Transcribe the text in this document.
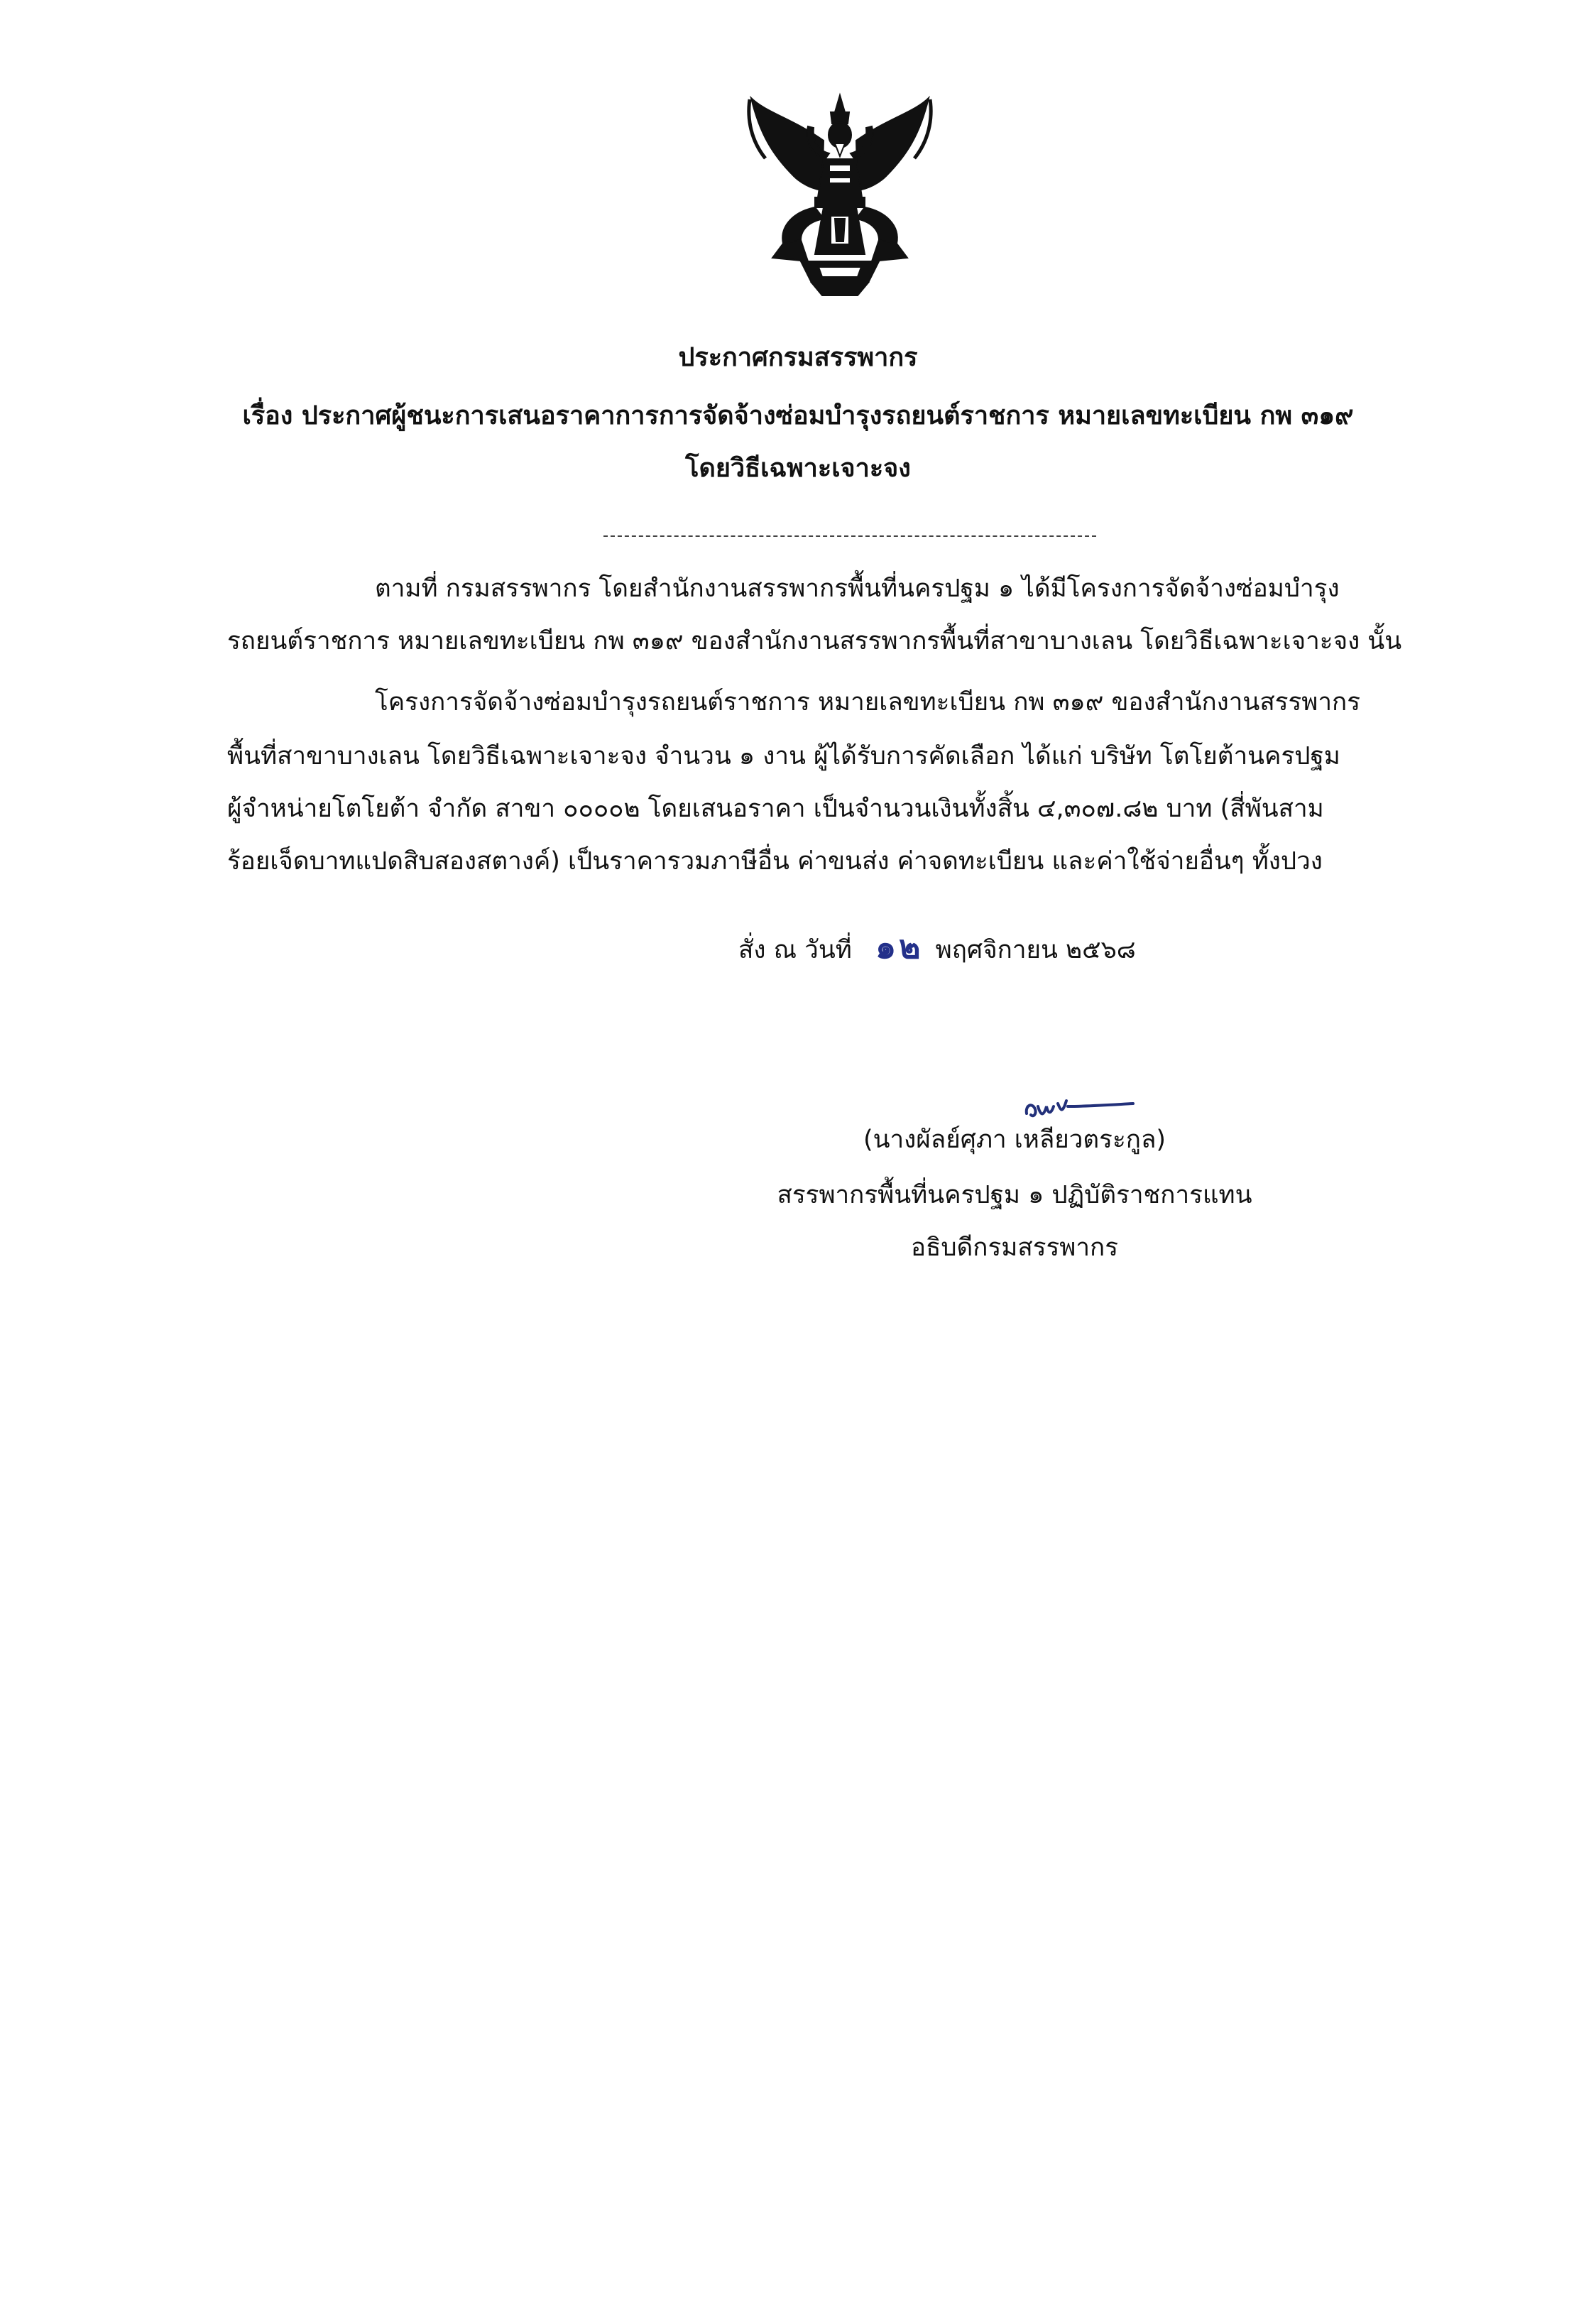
ประกาศกรมสรรพากร
เรื่อง ประกาศผู้ชนะการเสนอราคาการการจัดจ้างซ่อมบำรุงรถยนต์ราชการ หมายเลขทะเบียน กพ ๓๑๙
โดยวิธีเฉพาะเจาะจง
ตามที่ กรมสรรพากร โดยสำนักงานสรรพากรพื้นที่นครปฐม ๑ ได้มีโครงการจัดจ้างซ่อมบำรุง
รถยนต์ราชการ หมายเลขทะเบียน กพ ๓๑๙ ของสำนักงานสรรพากรพื้นที่สาขาบางเลน โดยวิธีเฉพาะเจาะจง นั้น
โครงการจัดจ้างซ่อมบำรุงรถยนต์ราชการ หมายเลขทะเบียน กพ ๓๑๙ ของสำนักงานสรรพากร
พื้นที่สาขาบางเลน โดยวิธีเฉพาะเจาะจง จำนวน ๑ งาน ผู้ได้รับการคัดเลือก ได้แก่ บริษัท โตโยต้านครปฐม
ผู้จำหน่ายโตโยต้า จำกัด สาขา ๐๐๐๐๒ โดยเสนอราคา เป็นจำนวนเงินทั้งสิ้น ๔,๓๐๗.๘๒ บาท (สี่พันสาม
ร้อยเจ็ดบาทแปดสิบสองสตางค์) เป็นราคารวมภาษีอื่น ค่าขนส่ง ค่าจดทะเบียน และค่าใช้จ่ายอื่นๆ ทั้งปวง
สั่ง ณ วันที่ ๑๒ พฤศจิกายน ๒๕๖๘
(นางผัลย์ศุภา เหลียวตระกูล)
สรรพากรพื้นที่นครปฐม ๑ ปฏิบัติราชการแทน
อธิบดีกรมสรรพากร
